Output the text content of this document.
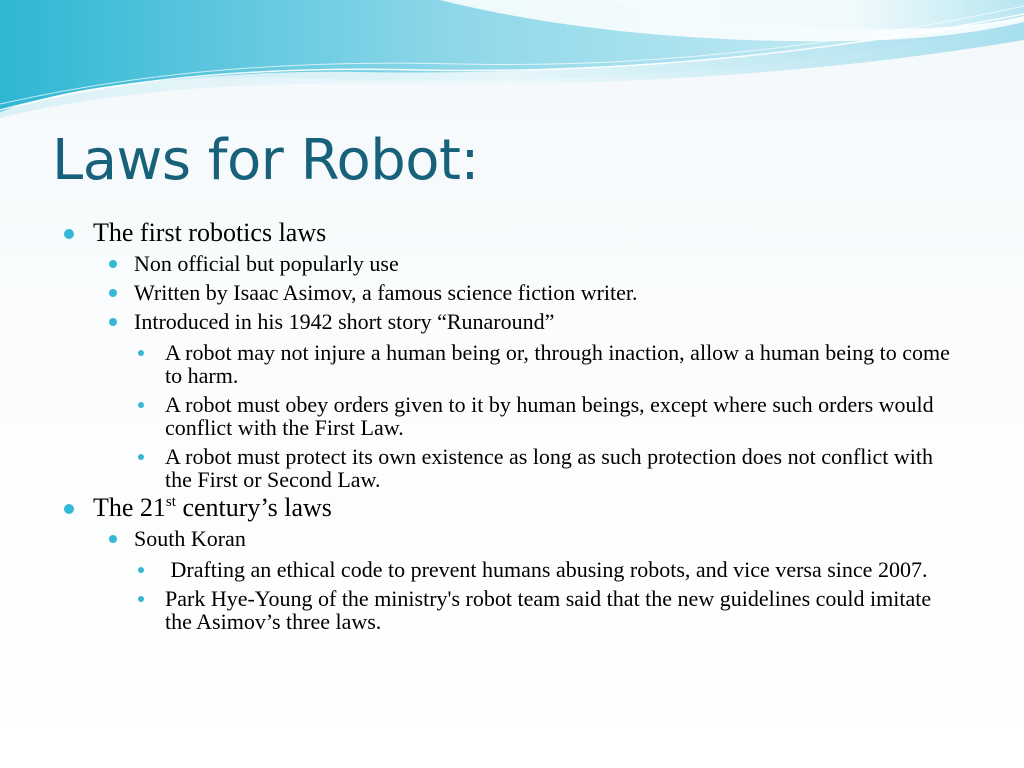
Laws for Robot:
The first robotics laws
Non official but popularly use
Written by Isaac Asimov, a famous science fiction writer.
Introduced in his 1942 short story “Runaround”
A robot may not injure a human being or, through inaction, allow a human being to come to harm.
A robot must obey orders given to it by human beings, except where such orders would conflict with the First Law.
A robot must protect its own existence as long as such protection does not conflict with the First or Second Law.
The 21st century’s laws
South Koran
Drafting an ethical code to prevent humans abusing robots, and vice versa since 2007.
Park Hye-Young of the ministry's robot team said that the new guidelines could imitate the Asimov’s three laws.
